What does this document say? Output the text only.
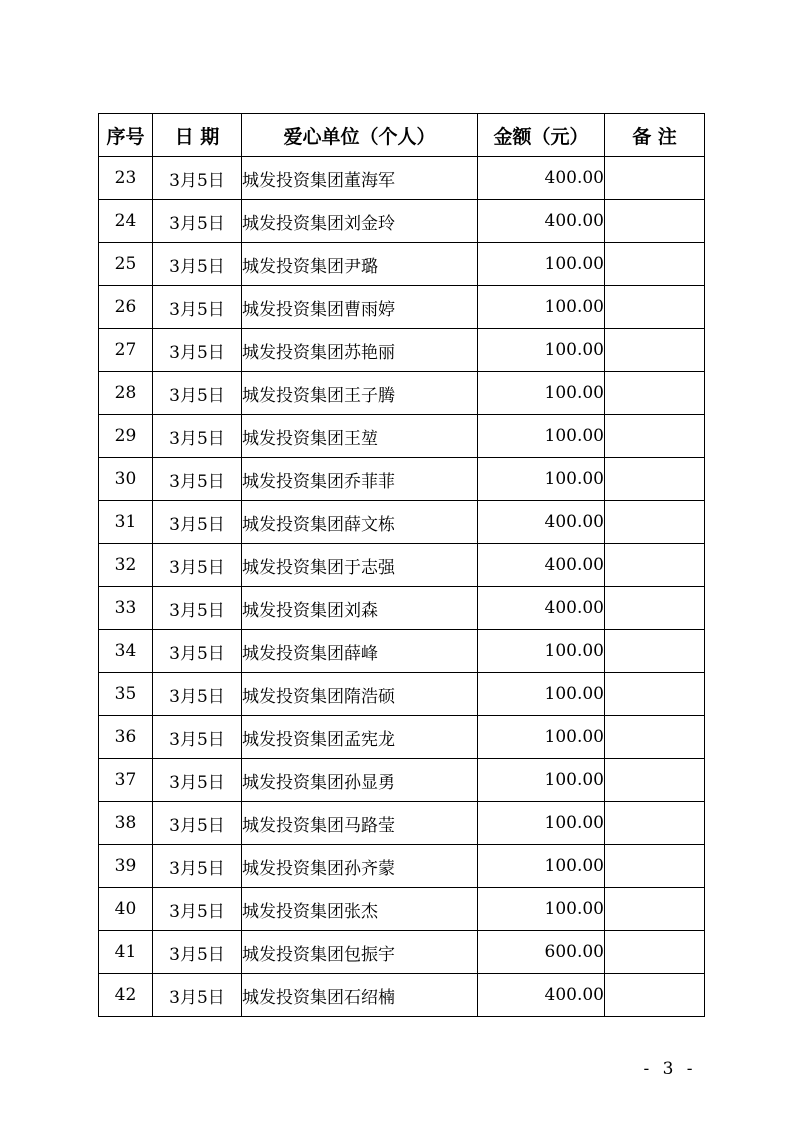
序号	日 期	爱心单位（个人）	金额（元）	备 注
23	3月5日	城发投资集团董海军	400.00	
24	3月5日	城发投资集团刘金玲	400.00	
25	3月5日	城发投资集团尹璐	100.00	
26	3月5日	城发投资集团曹雨婷	100.00	
27	3月5日	城发投资集团苏艳丽	100.00	
28	3月5日	城发投资集团王子腾	100.00	
29	3月5日	城发投资集团王堃	100.00	
30	3月5日	城发投资集团乔菲菲	100.00	
31	3月5日	城发投资集团薛文栋	400.00	
32	3月5日	城发投资集团于志强	400.00	
33	3月5日	城发投资集团刘森	400.00	
34	3月5日	城发投资集团薛峰	100.00	
35	3月5日	城发投资集团隋浩硕	100.00	
36	3月5日	城发投资集团孟宪龙	100.00	
37	3月5日	城发投资集团孙显勇	100.00	
38	3月5日	城发投资集团马路莹	100.00	
39	3月5日	城发投资集团孙齐蒙	100.00	
40	3月5日	城发投资集团张杰	100.00	
41	3月5日	城发投资集团包振宇	600.00	
42	3月5日	城发投资集团石绍楠	400.00	
- 3 -
